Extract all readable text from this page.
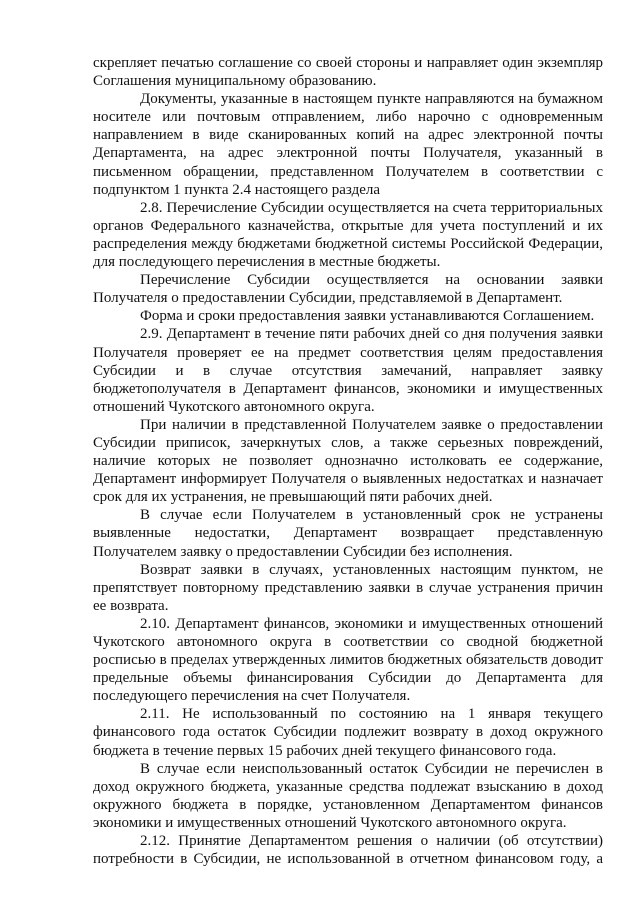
скрепляет печатью соглашение со своей стороны и направляет один экземпляр Соглашения муниципальному образованию.

Документы, указанные в настоящем пункте направляются на бумажном носителе или почтовым отправлением, либо нарочно с одновременным направлением в виде сканированных копий на адрес электронной почты Департамента, на адрес электронной почты Получателя, указанный в письменном обращении, представленном Получателем в соответствии с подпунктом 1 пункта 2.4 настоящего раздела

2.8. Перечисление Субсидии осуществляется на счета территориальных органов Федерального казначейства, открытые для учета поступлений и их распределения между бюджетами бюджетной системы Российской Федерации, для последующего перечисления в местные бюджеты.

Перечисление Субсидии осуществляется на основании заявки Получателя о предоставлении Субсидии, представляемой в Департамент.

Форма и сроки предоставления заявки устанавливаются Соглашением.

2.9. Департамент в течение пяти рабочих дней со дня получения заявки Получателя проверяет ее на предмет соответствия целям предоставления Субсидии и в случае отсутствия замечаний, направляет заявку бюджетополучателя в Департамент финансов, экономики и имущественных отношений Чукотского автономного округа.

При наличии в представленной Получателем заявке о предоставлении Субсидии приписок, зачеркнутых слов, а также серьезных повреждений, наличие которых не позволяет однозначно истолковать ее содержание, Департамент информирует Получателя о выявленных недостатках и назначает срок для их устранения, не превышающий пяти рабочих дней.

В случае если Получателем в установленный срок не устранены выявленные недостатки, Департамент возвращает представленную Получателем заявку о предоставлении Субсидии без исполнения.

Возврат заявки в случаях, установленных настоящим пунктом, не препятствует повторному представлению заявки в случае устранения причин ее возврата.

2.10. Департамент финансов, экономики и имущественных отношений Чукотского автономного округа в соответствии со сводной бюджетной росписью в пределах утвержденных лимитов бюджетных обязательств доводит предельные объемы финансирования Субсидии до Департамента для последующего перечисления на счет Получателя.

2.11. Не использованный по состоянию на 1 января текущего финансового года остаток Субсидии подлежит возврату в доход окружного бюджета в течение первых 15 рабочих дней текущего финансового года.

В случае если неиспользованный остаток Субсидии не перечислен в доход окружного бюджета, указанные средства подлежат взысканию в доход окружного бюджета в порядке, установленном Департаментом финансов экономики и имущественных отношений Чукотского автономного округа.

2.12. Принятие Департаментом решения о наличии (об отсутствии) потребности в Субсидии, не использованной в отчетном финансовом году, а
